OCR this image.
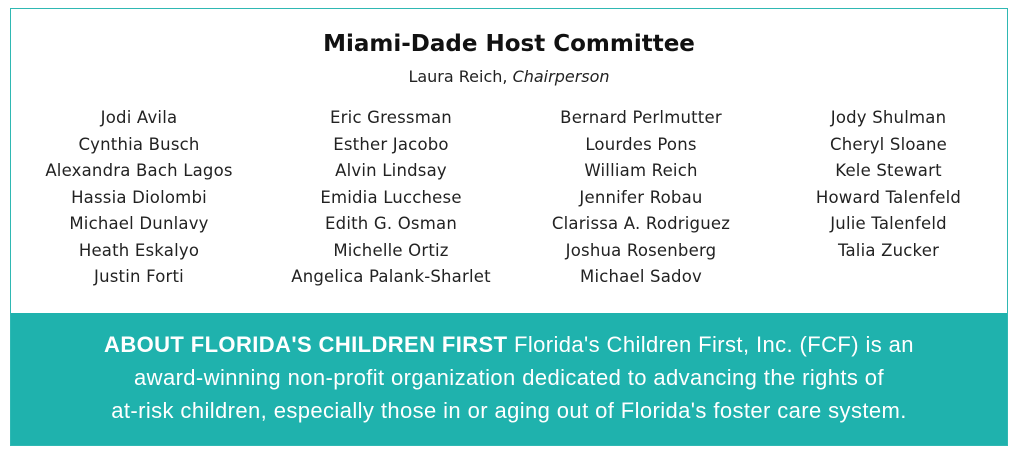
Miami-Dade Host Committee
Laura Reich, Chairperson
Jodi Avila
Cynthia Busch
Alexandra Bach Lagos
Hassia Diolombi
Michael Dunlavy
Heath Eskalyo
Justin Forti
Eric Gressman
Esther Jacobo
Alvin Lindsay
Emidia Lucchese
Edith G. Osman
Michelle Ortiz
Angelica Palank-Sharlet
Bernard Perlmutter
Lourdes Pons
William Reich
Jennifer Robau
Clarissa A. Rodriguez
Joshua Rosenberg
Michael Sadov
Jody Shulman
Cheryl Sloane
Kele Stewart
Howard Talenfeld
Julie Talenfeld
Talia Zucker
ABOUT FLORIDA'S CHILDREN FIRST Florida's Children First, Inc. (FCF) is an
award-winning non-profit organization dedicated to advancing the rights of
at-risk children, especially those in or aging out of Florida's foster care system.
